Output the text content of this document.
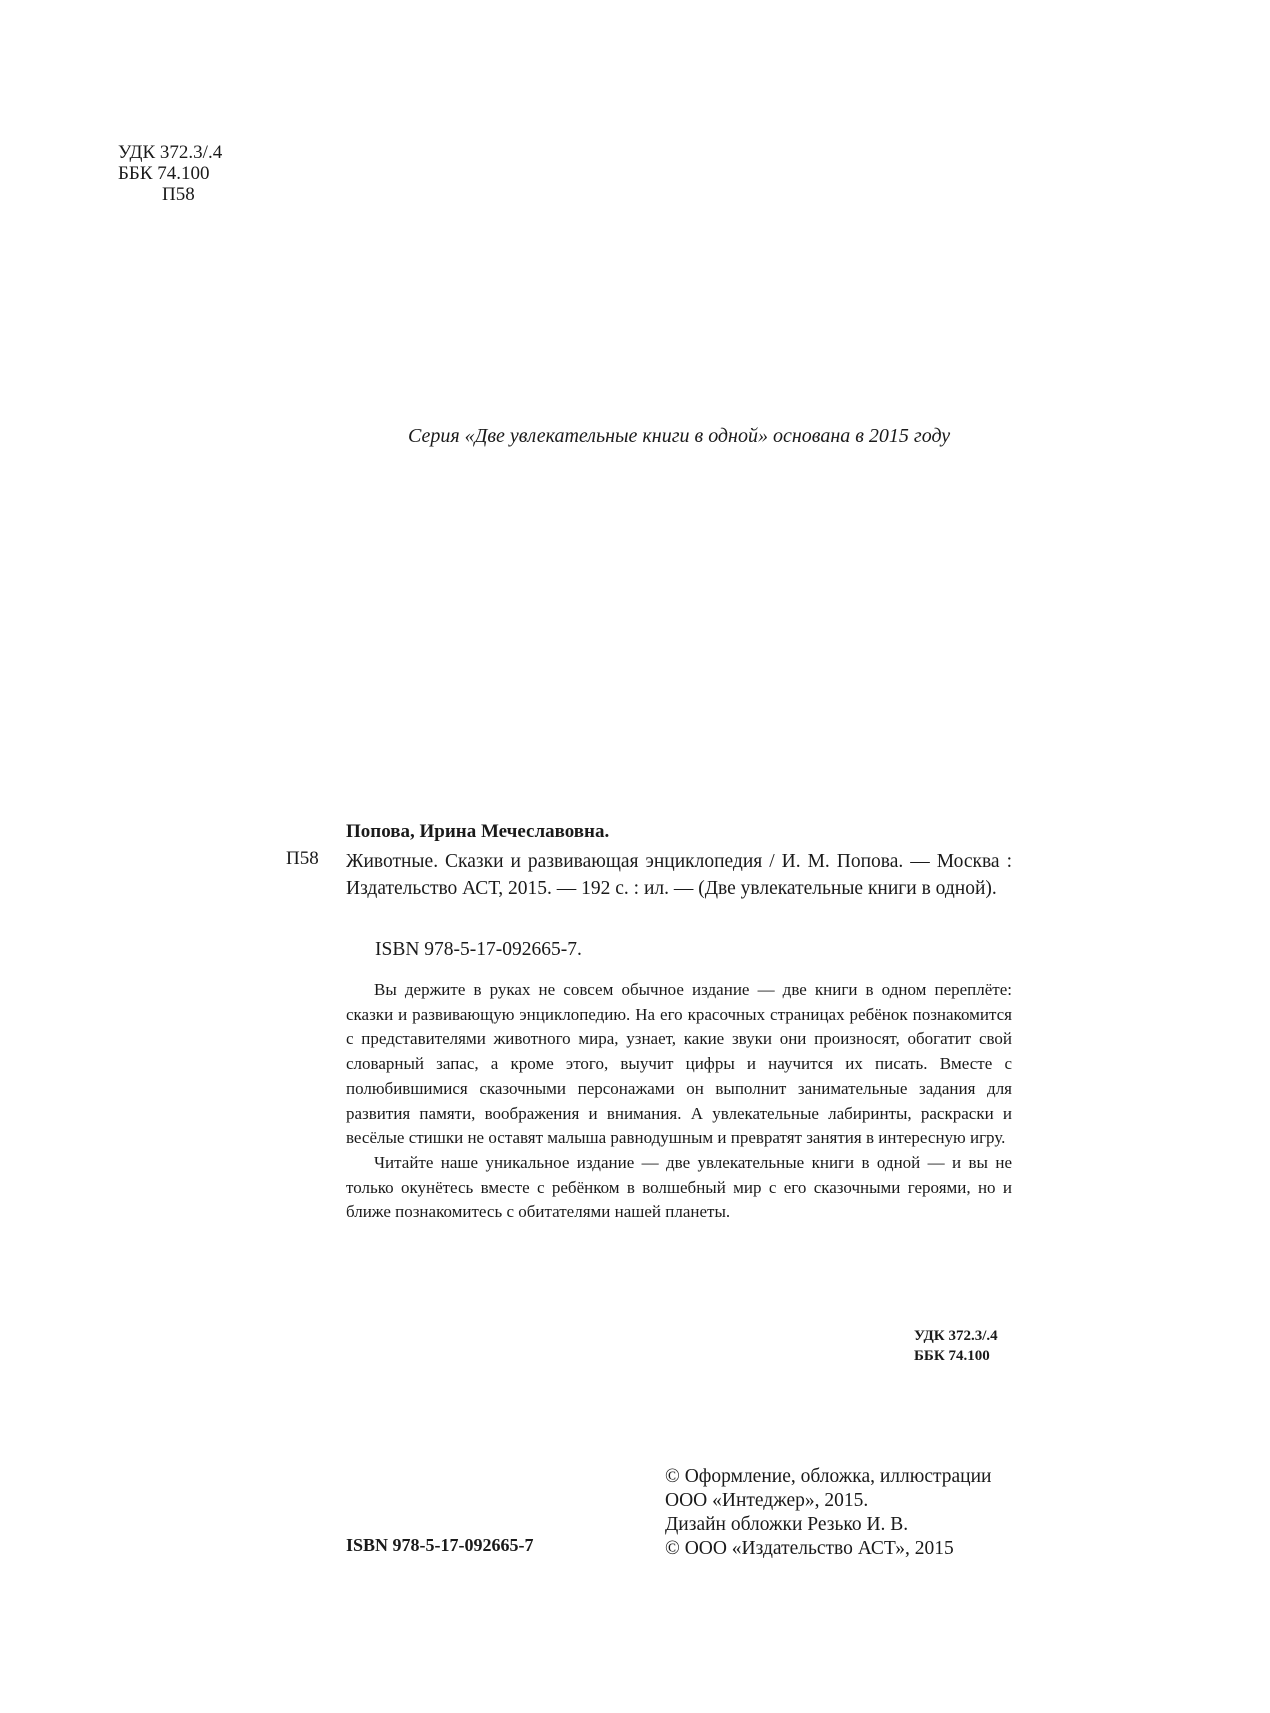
УДК 372.3/.4
ББК 74.100
П58
Серия «Две увлекательные книги в одной» основана в 2015 году
Попова, Ирина Мечеславовна.
П58 Животные. Сказки и развивающая энциклопедия / И. М. Попова. — Москва : Издательство АСТ, 2015. — 192 с. : ил. — (Две увлекательные книги в одной).
ISBN 978-5-17-092665-7.

Вы держите в руках не совсем обычное издание — две книги в одном переплёте: сказки и развивающую энциклопедию. На его красочных страницах ребёнок познакомится с представителями животного мира, узнает, какие звуки они произносят, обогатит свой словарный запас, а кроме этого, выучит цифры и научится их писать. Вместе с полюбившимися сказочными персонажами он выполнит занимательные задания для развития памяти, воображения и внимания. А увлекательные лабиринты, раскраски и весёлые стишки не оставят малыша равнодушным и превратят занятия в интересную игру.

Читайте наше уникальное издание — две увлекательные книги в одной — и вы не только окунётесь вместе с ребёнком в волшебный мир с его сказочными героями, но и ближе познакомитесь с обитателями нашей планеты.

УДК 372.3/.4
ББК 74.100
ISBN 978-5-17-092665-7
© Оформление, обложка, иллюстрации
ООО «Интеджер», 2015.
Дизайн обложки Резько И. В.
© ООО «Издательство АСТ», 2015
